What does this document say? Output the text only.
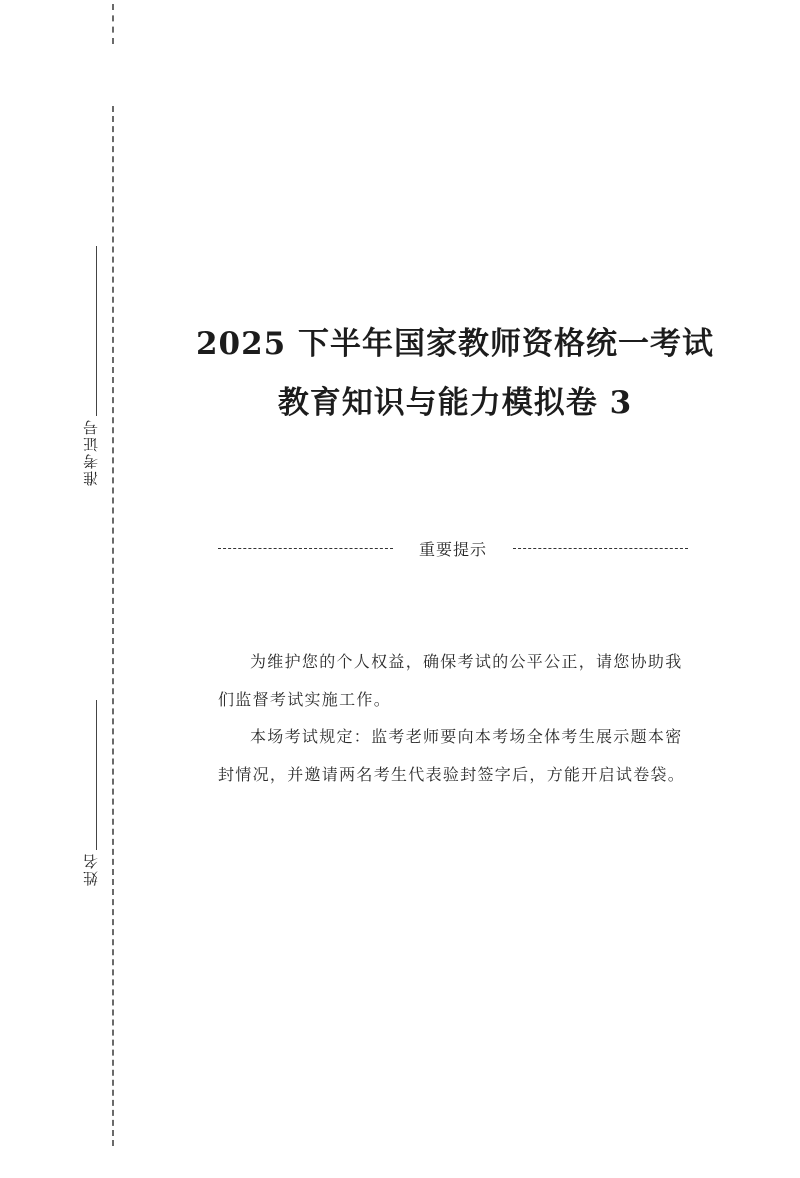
准考证号
姓名
2025 下半年国家教师资格统一考试
教育知识与能力模拟卷 3
重要提示

为维护您的个人权益，确保考试的公平公正，请您协助我们监督考试实施工作。

本场考试规定：监考老师要向本考场全体考生展示题本密封情况，并邀请两名考生代表验封签字后，方能开启试卷袋。
